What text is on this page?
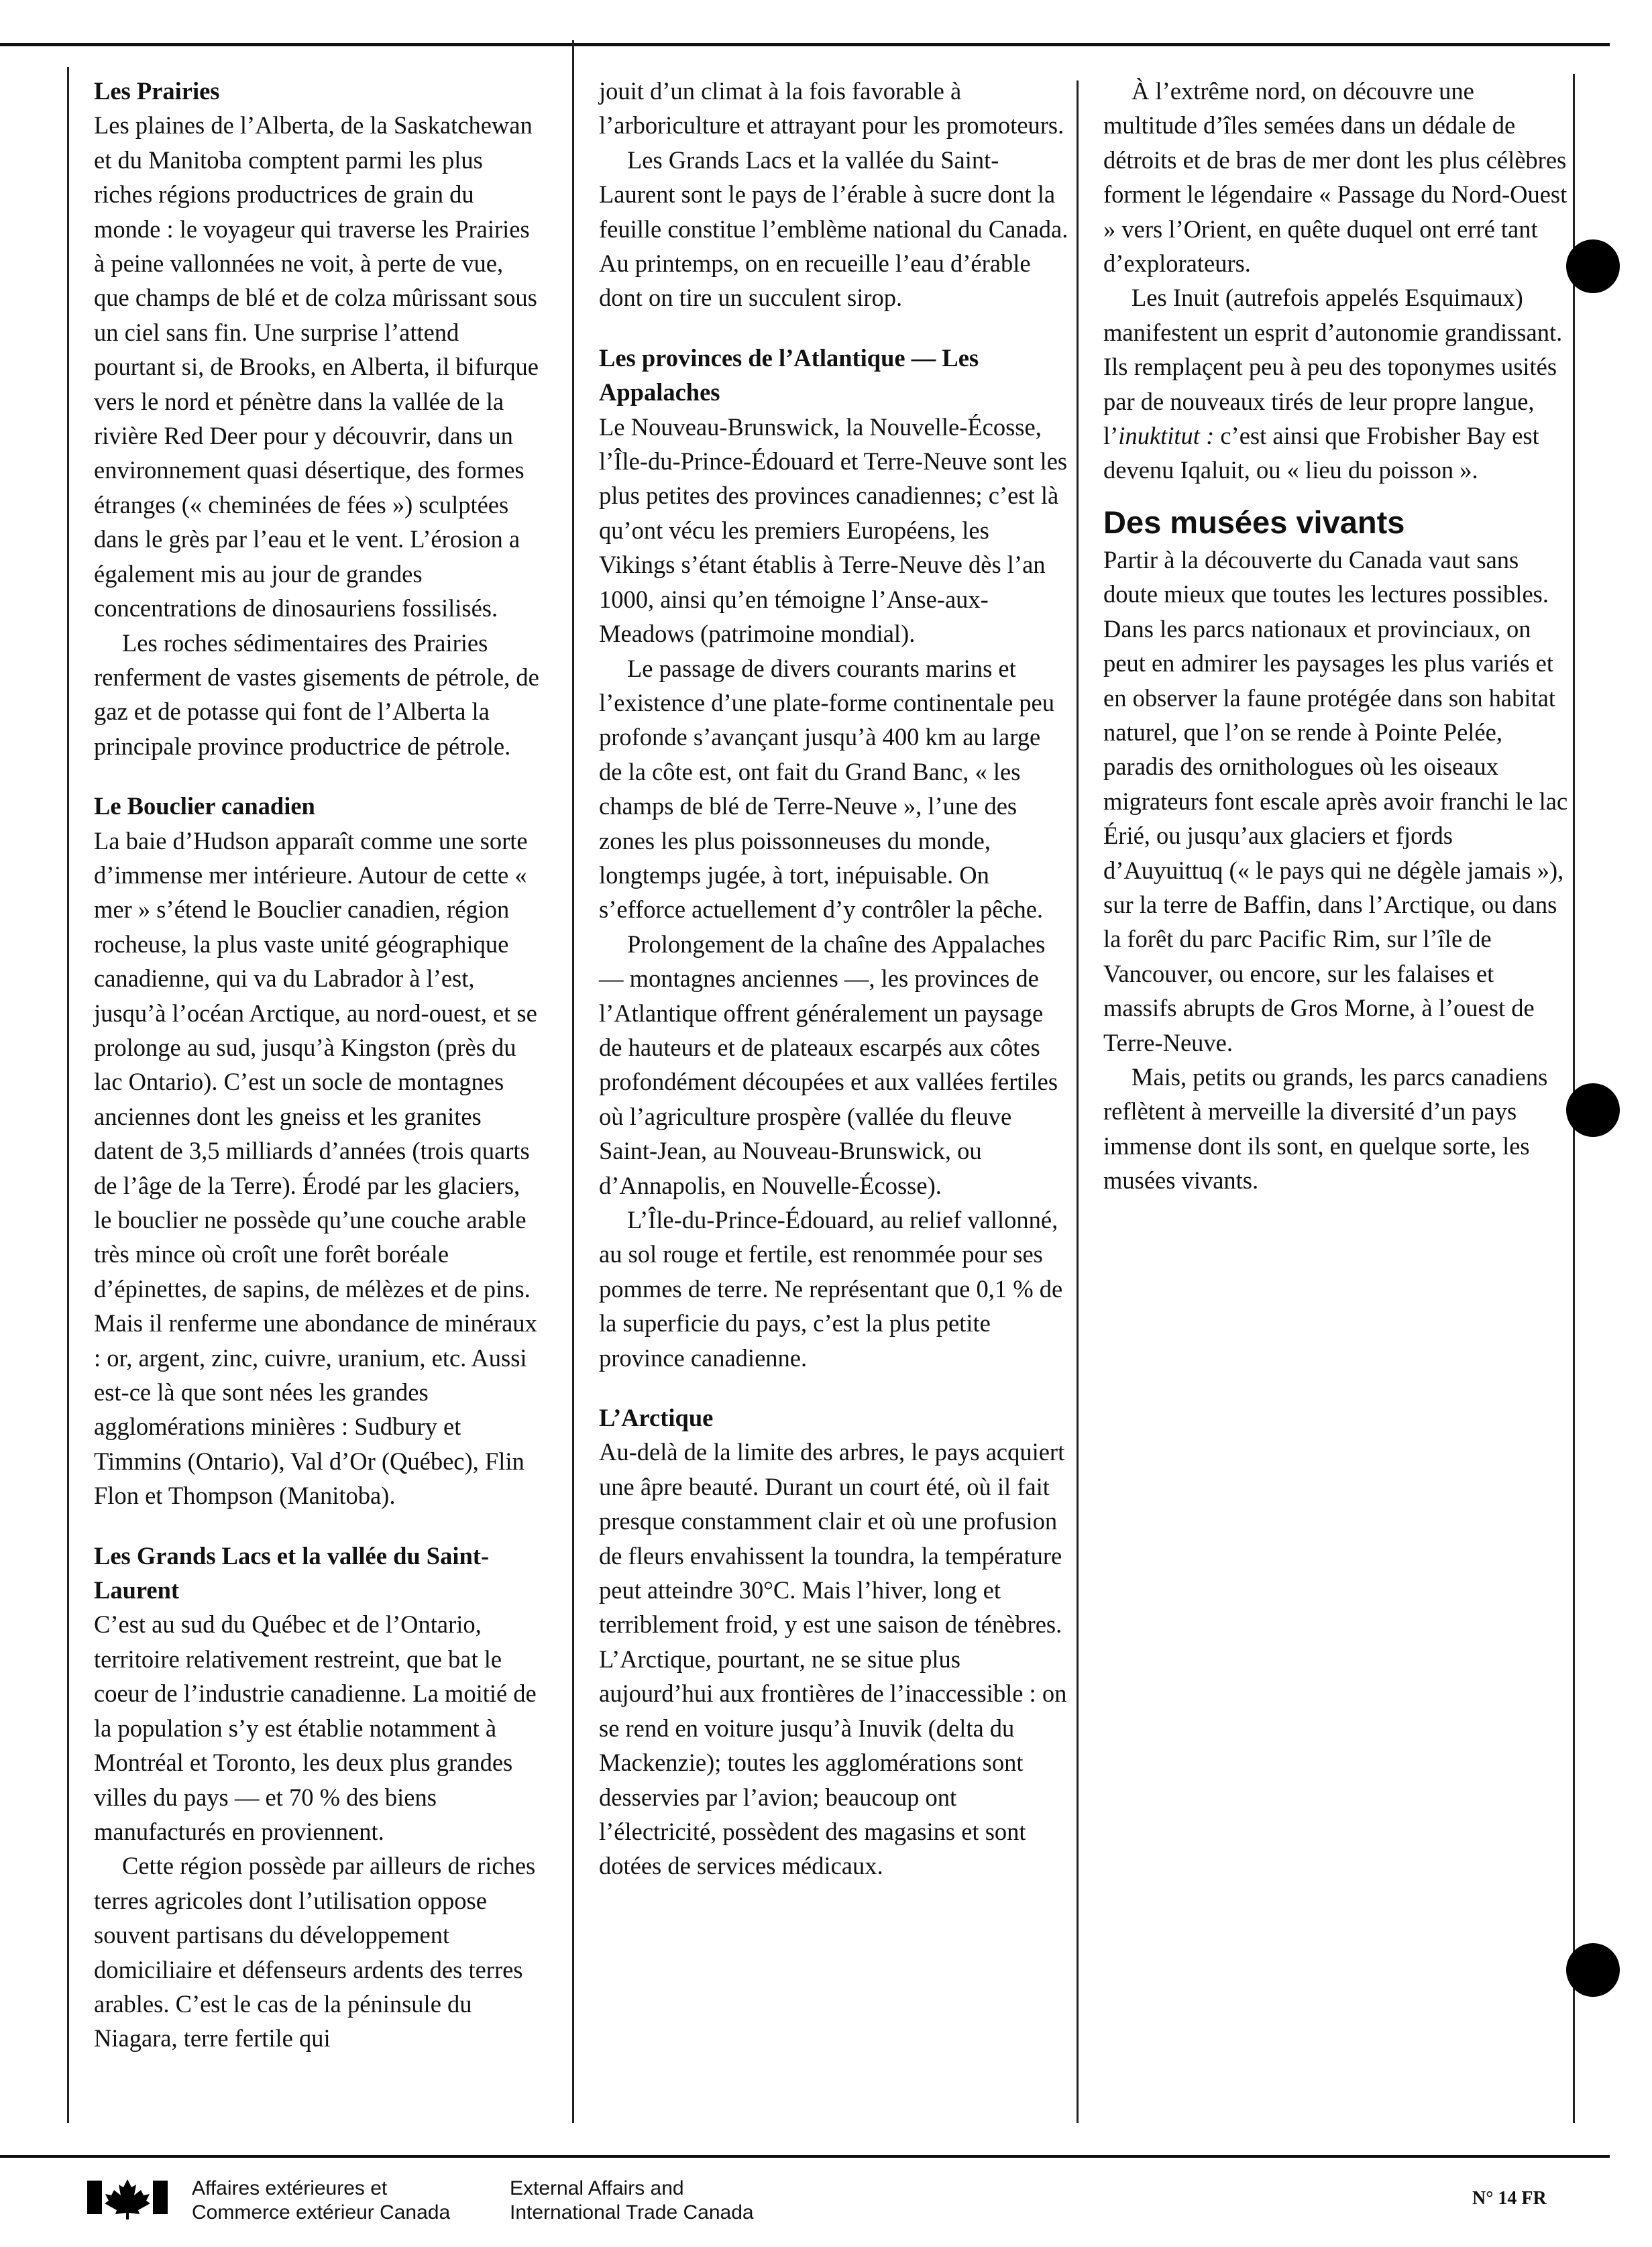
Les Prairies

Les plaines de l’Alberta, de la Saskatchewan et du Manitoba comptent parmi les plus riches régions productrices de grain du monde : le voyageur qui traverse les Prairies à peine vallonnées ne voit, à perte de vue, que champs de blé et de colza mûrissant sous un ciel sans fin. Une surprise l’attend pourtant si, de Brooks, en Alberta, il bifurque vers le nord et pénètre dans la vallée de la rivière Red Deer pour y découvrir, dans un environnement quasi désertique, des formes étranges (« cheminées de fées ») sculptées dans le grès par l’eau et le vent. L’érosion a également mis au jour de grandes concentrations de dinosauriens fossilisés.

Les roches sédimentaires des Prairies renferment de vastes gisements de pétrole, de gaz et de potasse qui font de l’Alberta la principale province productrice de pétrole.

Le Bouclier canadien

La baie d’Hudson apparaît comme une sorte d’immense mer intérieure. Autour de cette « mer » s’étend le Bouclier canadien, région rocheuse, la plus vaste unité géographique canadienne, qui va du Labrador à l’est, jusqu’à l’océan Arctique, au nord-ouest, et se prolonge au sud, jusqu’à Kingston (près du lac Ontario). C’est un socle de montagnes anciennes dont les gneiss et les granites datent de 3,5 milliards d’années (trois quarts de l’âge de la Terre). Érodé par les glaciers, le bouclier ne possède qu’une couche arable très mince où croît une forêt boréale d’épinettes, de sapins, de mélèzes et de pins. Mais il renferme une abondance de minéraux : or, argent, zinc, cuivre, uranium, etc. Aussi est-ce là que sont nées les grandes agglomérations minières : Sudbury et Timmins (Ontario), Val d’Or (Québec), Flin Flon et Thompson (Manitoba).

Les Grands Lacs et la vallée du Saint-Laurent

C’est au sud du Québec et de l’Ontario, territoire relativement restreint, que bat le coeur de l’industrie canadienne. La moitié de la population s’y est établie notamment à Montréal et Toronto, les deux plus grandes villes du pays — et 70 % des biens manufacturés en proviennent.

Cette région possède par ailleurs de riches terres agricoles dont l’utilisation oppose souvent partisans du développement domiciliaire et défenseurs ardents des terres arables. C’est le cas de la péninsule du Niagara, terre fertile qui

jouit d’un climat à la fois favorable à l’arboriculture et attrayant pour les promoteurs.

Les Grands Lacs et la vallée du Saint-Laurent sont le pays de l’érable à sucre dont la feuille constitue l’emblème national du Canada. Au printemps, on en recueille l’eau d’érable dont on tire un succulent sirop.

Les provinces de l’Atlantique — Les Appalaches

Le Nouveau-Brunswick, la Nouvelle-Écosse, l’Île-du-Prince-Édouard et Terre-Neuve sont les plus petites des provinces canadiennes; c’est là qu’ont vécu les premiers Européens, les Vikings s’étant établis à Terre-Neuve dès l’an 1000, ainsi qu’en témoigne l’Anse-aux-Meadows (patrimoine mondial).

Le passage de divers courants marins et l’existence d’une plate-forme continentale peu profonde s’avançant jusqu’à 400 km au large de la côte est, ont fait du Grand Banc, « les champs de blé de Terre-Neuve », l’une des zones les plus poissonneuses du monde, longtemps jugée, à tort, inépuisable. On s’efforce actuellement d’y contrôler la pêche.

Prolongement de la chaîne des Appalaches — montagnes anciennes —, les provinces de l’Atlantique offrent généralement un paysage de hauteurs et de plateaux escarpés aux côtes profondément découpées et aux vallées fertiles où l’agriculture prospère (vallée du fleuve Saint-Jean, au Nouveau-Brunswick, ou d’Annapolis, en Nouvelle-Écosse).

L’Île-du-Prince-Édouard, au relief vallonné, au sol rouge et fertile, est renommée pour ses pommes de terre. Ne représentant que 0,1 % de la superficie du pays, c’est la plus petite province canadienne.

L’Arctique

Au-delà de la limite des arbres, le pays acquiert une âpre beauté. Durant un court été, où il fait presque constamment clair et où une profusion de fleurs envahissent la toundra, la température peut atteindre 30°C. Mais l’hiver, long et terriblement froid, y est une saison de ténèbres. L’Arctique, pourtant, ne se situe plus aujourd’hui aux frontières de l’inaccessible : on se rend en voiture jusqu’à Inuvik (delta du Mackenzie); toutes les agglomérations sont desservies par l’avion; beaucoup ont l’électricité, possèdent des magasins et sont dotées de services médicaux.

À l’extrême nord, on découvre une multitude d’îles semées dans un dédale de détroits et de bras de mer dont les plus célèbres forment le légendaire « Passage du Nord-Ouest » vers l’Orient, en quête duquel ont erré tant d’explorateurs.

Les Inuit (autrefois appelés Esquimaux) manifestent un esprit d’autonomie grandissant. Ils remplaçent peu à peu des toponymes usités par de nouveaux tirés de leur propre langue, l’inuktitut : c’est ainsi que Frobisher Bay est devenu Iqaluit, ou « lieu du poisson ».

Des musées vivants

Partir à la découverte du Canada vaut sans doute mieux que toutes les lectures possibles. Dans les parcs nationaux et provinciaux, on peut en admirer les paysages les plus variés et en observer la faune protégée dans son habitat naturel, que l’on se rende à Pointe Pelée, paradis des ornithologues où les oiseaux migrateurs font escale après avoir franchi le lac Érié, ou jusqu’aux glaciers et fjords d’Auyuittuq (« le pays qui ne dégèle jamais »), sur la terre de Baffin, dans l’Arctique, ou dans la forêt du parc Pacific Rim, sur l’île de Vancouver, ou encore, sur les falaises et massifs abrupts de Gros Morne, à l’ouest de Terre-Neuve.

Mais, petits ou grands, les parcs canadiens reflètent à merveille la diversité d’un pays immense dont ils sont, en quelque sorte, les musées vivants.

Affaires extérieures et
Commerce extérieur Canada
External Affairs and
International Trade Canada
N° 14 FR
